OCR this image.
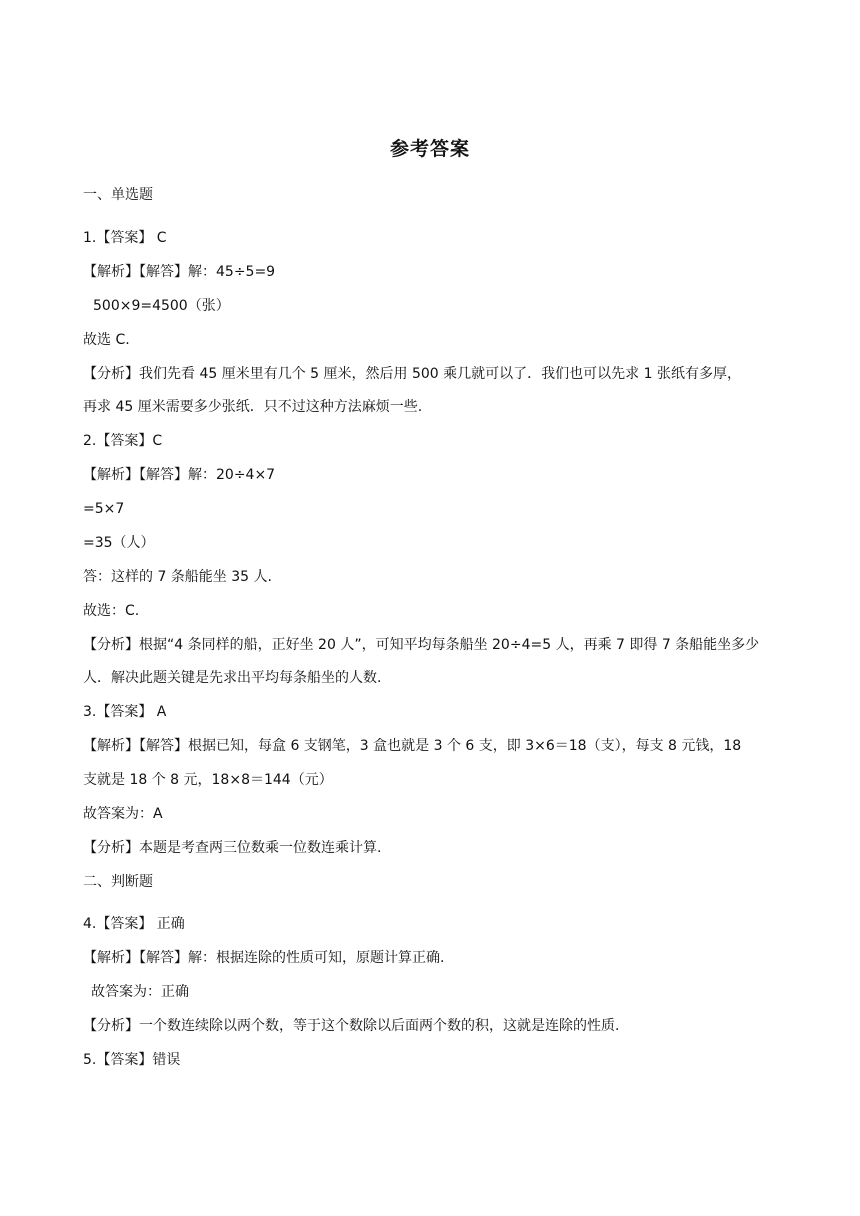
参考答案
一、单选题
1.【答案】 C
【解析】【解答】解：45÷5=9
500×9=4500（张）
故选 C.
【分析】我们先看 45 厘米里有几个 5 厘米，然后用 500 乘几就可以了．我们也可以先求 1 张纸有多厚，
再求 45 厘米需要多少张纸．只不过这种方法麻烦一些.
2.【答案】C
【解析】【解答】解：20÷4×7
=5×7
=35（人）
答：这样的 7 条船能坐 35 人.
故选：C.
【分析】根据“4 条同样的船，正好坐 20 人”，可知平均每条船坐 20÷4=5 人，再乘 7 即得 7 条船能坐多少
人．解决此题关键是先求出平均每条船坐的人数.
3.【答案】 A
【解析】【解答】根据已知，每盒 6 支钢笔，3 盒也就是 3 个 6 支，即 3×6＝18（支），每支 8 元钱，18
支就是 18 个 8 元，18×8＝144（元）
故答案为：A
【分析】本题是考查两三位数乘一位数连乘计算.
二、判断题
4.【答案】 正确
【解析】【解答】解：根据连除的性质可知，原题计算正确.
故答案为：正确
【分析】一个数连续除以两个数，等于这个数除以后面两个数的积，这就是连除的性质.
5.【答案】错误
